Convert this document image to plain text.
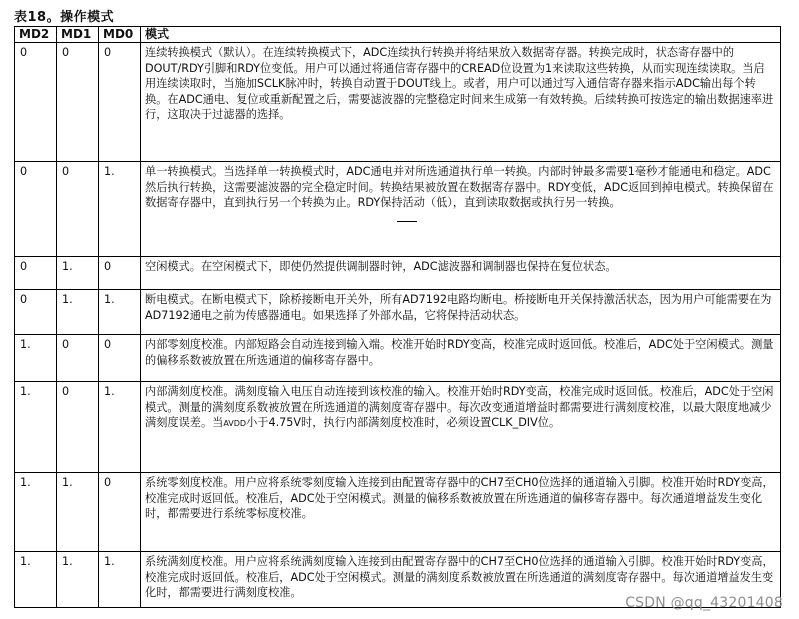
表18。操作模式
MD2	MD1	MD0	模式
0	0	0	连续转换模式（默认）。在连续转换模式下，ADC连续执行转换并将结果放入数据寄存器。转换完成时，状态寄存器中的DOUT/RDY引脚和RDY位变低。用户可以通过将通信寄存器中的CREAD位设置为1来读取这些转换，从而实现连续读取。当启用连续读取时，当施加SCLK脉冲时，转换自动置于DOUT线上。或者，用户可以通过写入通信寄存器来指示ADC输出每个转换。在ADC通电、复位或重新配置之后，需要滤波器的完整稳定时间来生成第一有效转换。后续转换可按选定的输出数据速率进行，这取决于过滤器的选择。
0	0	1.	单一转换模式。当选择单一转换模式时，ADC通电并对所选通道执行单一转换。内部时钟最多需要1毫秒才能通电和稳定。ADC然后执行转换，这需要滤波器的完全稳定时间。转换结果被放置在数据寄存器中。RDY变低，ADC返回到掉电模式。转换保留在数据寄存器中，直到执行另一个转换为止。RDY保持活动（低），直到读取数据或执行另一转换。
0	1.	0	空闲模式。在空闲模式下，即使仍然提供调制器时钟，ADC滤波器和调制器也保持在复位状态。
0	1.	1.	断电模式。在断电模式下，除桥接断电开关外，所有AD7192电路均断电。桥接断电开关保持激活状态，因为用户可能需要在为AD7192通电之前为传感器通电。如果选择了外部水晶，它将保持活动状态。
1.	0	0	内部零刻度校准。内部短路会自动连接到输入端。校准开始时RDY变高，校准完成时返回低。校准后，ADC处于空闲模式。测量的偏移系数被放置在所选通道的偏移寄存器中。
1.	0	1.	内部满刻度校准。满刻度输入电压自动连接到该校准的输入。校准开始时RDY变高，校准完成时返回低。校准后，ADC处于空闲模式。测量的满刻度系数被放置在所选通道的满刻度寄存器中。每次改变通道增益时都需要进行满刻度校准，以最大限度地减少满刻度误差。当AVDD小于4.75V时，执行内部满刻度校准时，必须设置CLK_DIV位。
1.	1.	0	系统零刻度校准。用户应将系统零刻度输入连接到由配置寄存器中的CH7至CH0位选择的通道输入引脚。校准开始时RDY变高，校准完成时返回低。校准后，ADC处于空闲模式。测量的偏移系数被放置在所选通道的偏移寄存器中。每次通道增益发生变化时，都需要进行系统零标度校准。
1.	1.	1.	系统满刻度校准。用户应将系统满刻度输入连接到由配置寄存器中的CH7至CH0位选择的通道输入引脚。校准开始时RDY变高，校准完成时返回低。校准后，ADC处于空闲模式。测量的满刻度系数被放置在所选通道的满刻度寄存器中。每次通道增益发生变化时，都需要进行满刻度校准。
CSDN @qq_43201408
